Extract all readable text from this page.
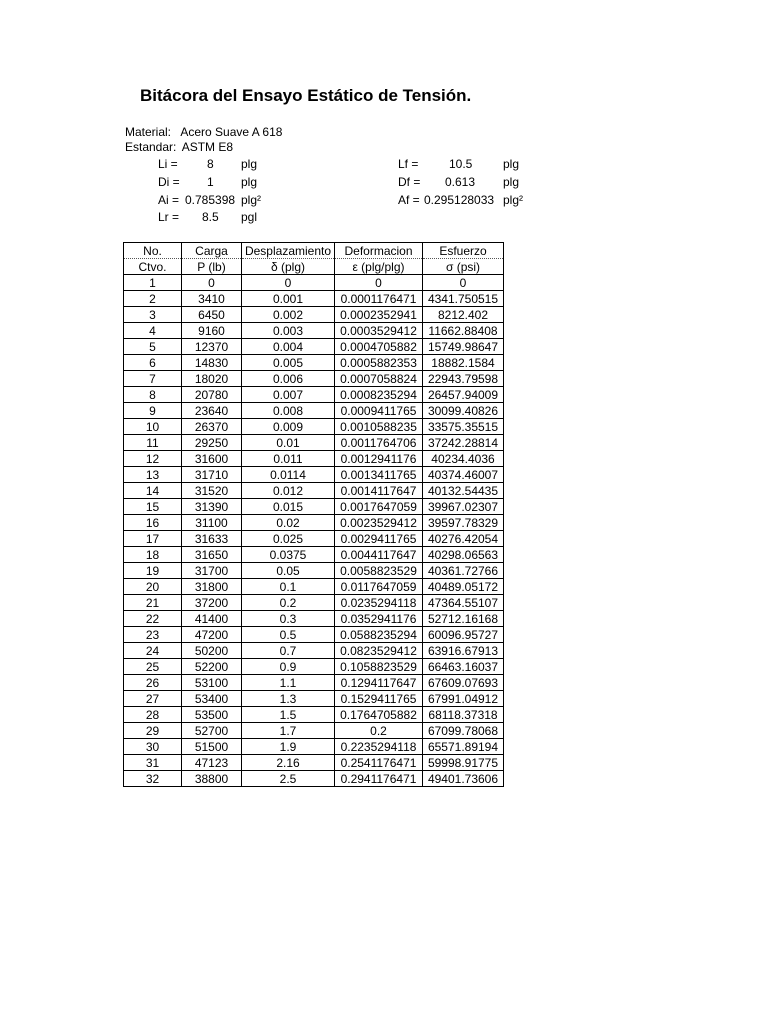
Bitácora del Ensayo Estático de Tensión.
Material: Acero Suave A 618
Estandar: ASTM E8
Li = 8 plg
Di = 1 plg
Ai = 0.785398 plg²
Lr = 8.5 pgl
Lf =	10.5	plg
Df = 0.613 plg
Af = 0.295128033 plg²
No.	Carga	Desplazamiento	Deformacion	Esfuerzo
Ctvo.	P (lb)	δ (plg)	ε (plg/plg)	σ (psi)
1	0	0	0	0
2	3410	0.001	0.0001176471	4341.750515
3	6450	0.002	0.0002352941	8212.402
4	9160	0.003	0.0003529412	11662.88408
5	12370	0.004	0.0004705882	15749.98647
6	14830	0.005	0.0005882353	18882.1584
7	18020	0.006	0.0007058824	22943.79598
8	20780	0.007	0.0008235294	26457.94009
9	23640	0.008	0.0009411765	30099.40826
10	26370	0.009	0.0010588235	33575.35515
11	29250	0.01	0.0011764706	37242.28814
12	31600	0.011	0.0012941176	40234.4036
13	31710	0.0114	0.0013411765	40374.46007
14	31520	0.012	0.0014117647	40132.54435
15	31390	0.015	0.0017647059	39967.02307
16	31100	0.02	0.0023529412	39597.78329
17	31633	0.025	0.0029411765	40276.42054
18	31650	0.0375	0.0044117647	40298.06563
19	31700	0.05	0.0058823529	40361.72766
20	31800	0.1	0.0117647059	40489.05172
21	37200	0.2	0.0235294118	47364.55107
22	41400	0.3	0.0352941176	52712.16168
23	47200	0.5	0.0588235294	60096.95727
24	50200	0.7	0.0823529412	63916.67913
25	52200	0.9	0.1058823529	66463.16037
26	53100	1.1	0.1294117647	67609.07693
27	53400	1.3	0.1529411765	67991.04912
28	53500	1.5	0.1764705882	68118.37318
29	52700	1.7	0.2	67099.78068
30	51500	1.9	0.2235294118	65571.89194
31	47123	2.16	0.2541176471	59998.91775
32	38800	2.5	0.2941176471	49401.73606
